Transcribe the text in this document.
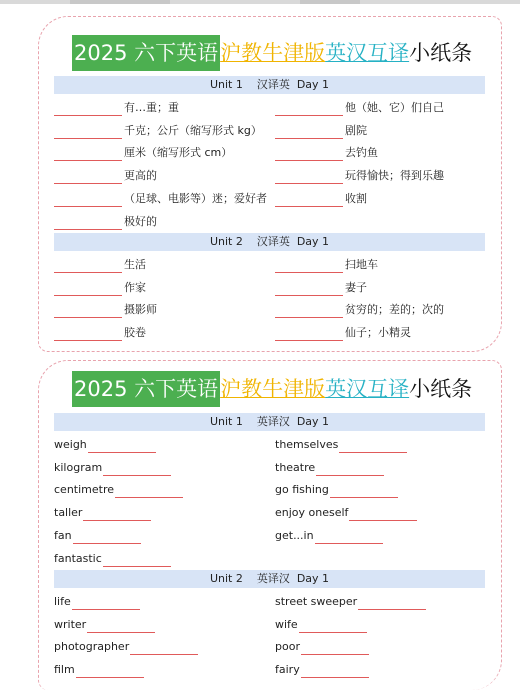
2025 六下英语沪教牛津版英汉互译小纸条
Unit 1    汉译英  Day 1
有…重；重
千克；公斤（缩写形式 kg）
厘米（缩写形式 cm）
更高的
（足球、电影等）迷；爱好者
极好的
他（她、它）们自己
剧院
去钓鱼
玩得愉快；得到乐趣
收割
Unit 2    汉译英  Day 1
生活
作家
摄影师
胶卷
扫地车
妻子
贫穷的；差的；次的
仙子；小精灵
2025 六下英语沪教牛津版英汉互译小纸条
Unit 1    英译汉  Day 1
weigh
kilogram
centimetre
taller
fan
fantastic
themselves
theatre
go fishing
enjoy oneself
get...in
Unit 2    英译汉  Day 1
life
writer
photographer
film
street sweeper
wife
poor
fairy
